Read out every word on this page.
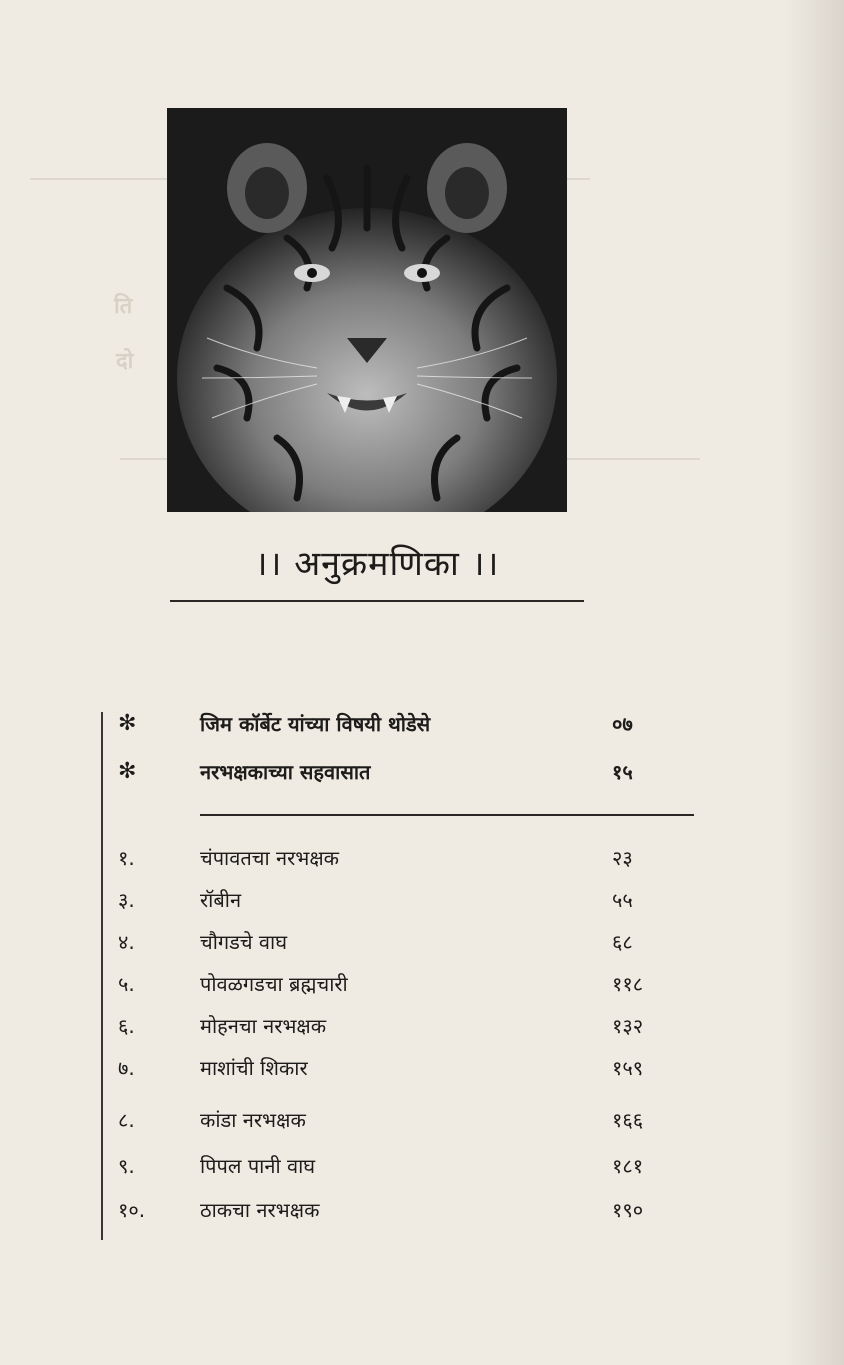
ति
दो
।। अनुक्रमणिका ।।
✻	जिम कॉर्बेट यांच्या विषयी थोडेसे	०७
✻	नरभक्षकाच्या सहवासात	१५
१.	चंपावतचा नरभक्षक	२३
३.	रॉबीन	५५
४.	चौगडचे वाघ	६८
५.	पोवळगडचा ब्रह्मचारी	११८
६.	मोहनचा नरभक्षक	१३२
७.	माशांची शिकार	१५९
८.	कांडा नरभक्षक	१६६
९.	पिपल पानी वाघ	१८१
१०.	ठाकचा नरभक्षक	१९०
